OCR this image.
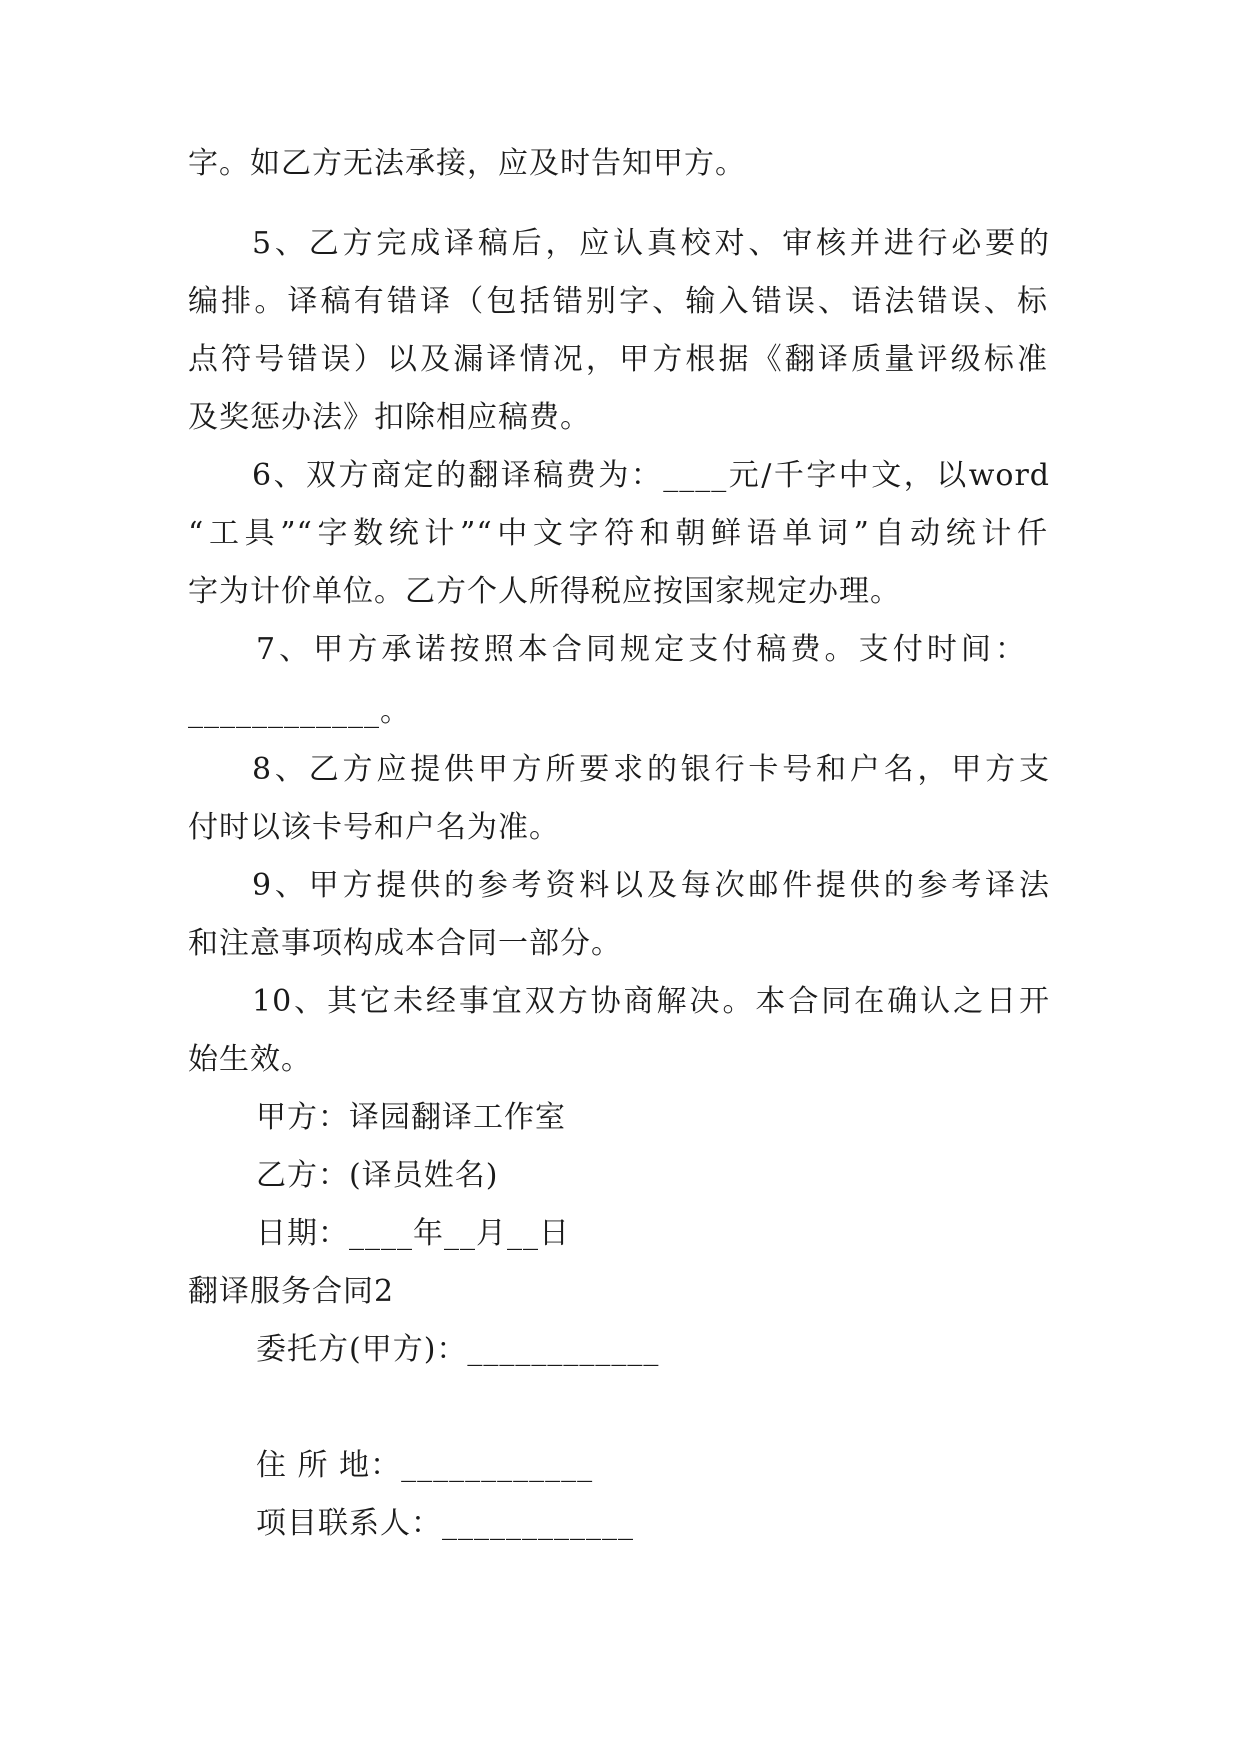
字。如乙方无法承接，应及时告知甲方。
5、乙方完成译稿后，应认真校对、审核并进行必要的
编排。译稿有错译（包括错别字、输入错误、语法错误、标
点符号错误）以及漏译情况，甲方根据《翻译质量评级标准
及奖惩办法》扣除相应稿费。
6、双方商定的翻译稿费为：____元/千字中文，以word
“工具”“字数统计”“中文字符和朝鲜语单词”自动统计仟
字为计价单位。乙方个人所得税应按国家规定办理。
7、甲方承诺按照本合同规定支付稿费。支付时间：
____________。
8、乙方应提供甲方所要求的银行卡号和户名，甲方支
付时以该卡号和户名为准。
9、甲方提供的参考资料以及每次邮件提供的参考译法
和注意事项构成本合同一部分。
10、其它未经事宜双方协商解决。本合同在确认之日开
始生效。
甲方：译园翻译工作室
乙方：(译员姓名)
日期：____年__月__日
翻译服务合同2
委托方(甲方)：____________
住 所 地：____________
项目联系人：____________
